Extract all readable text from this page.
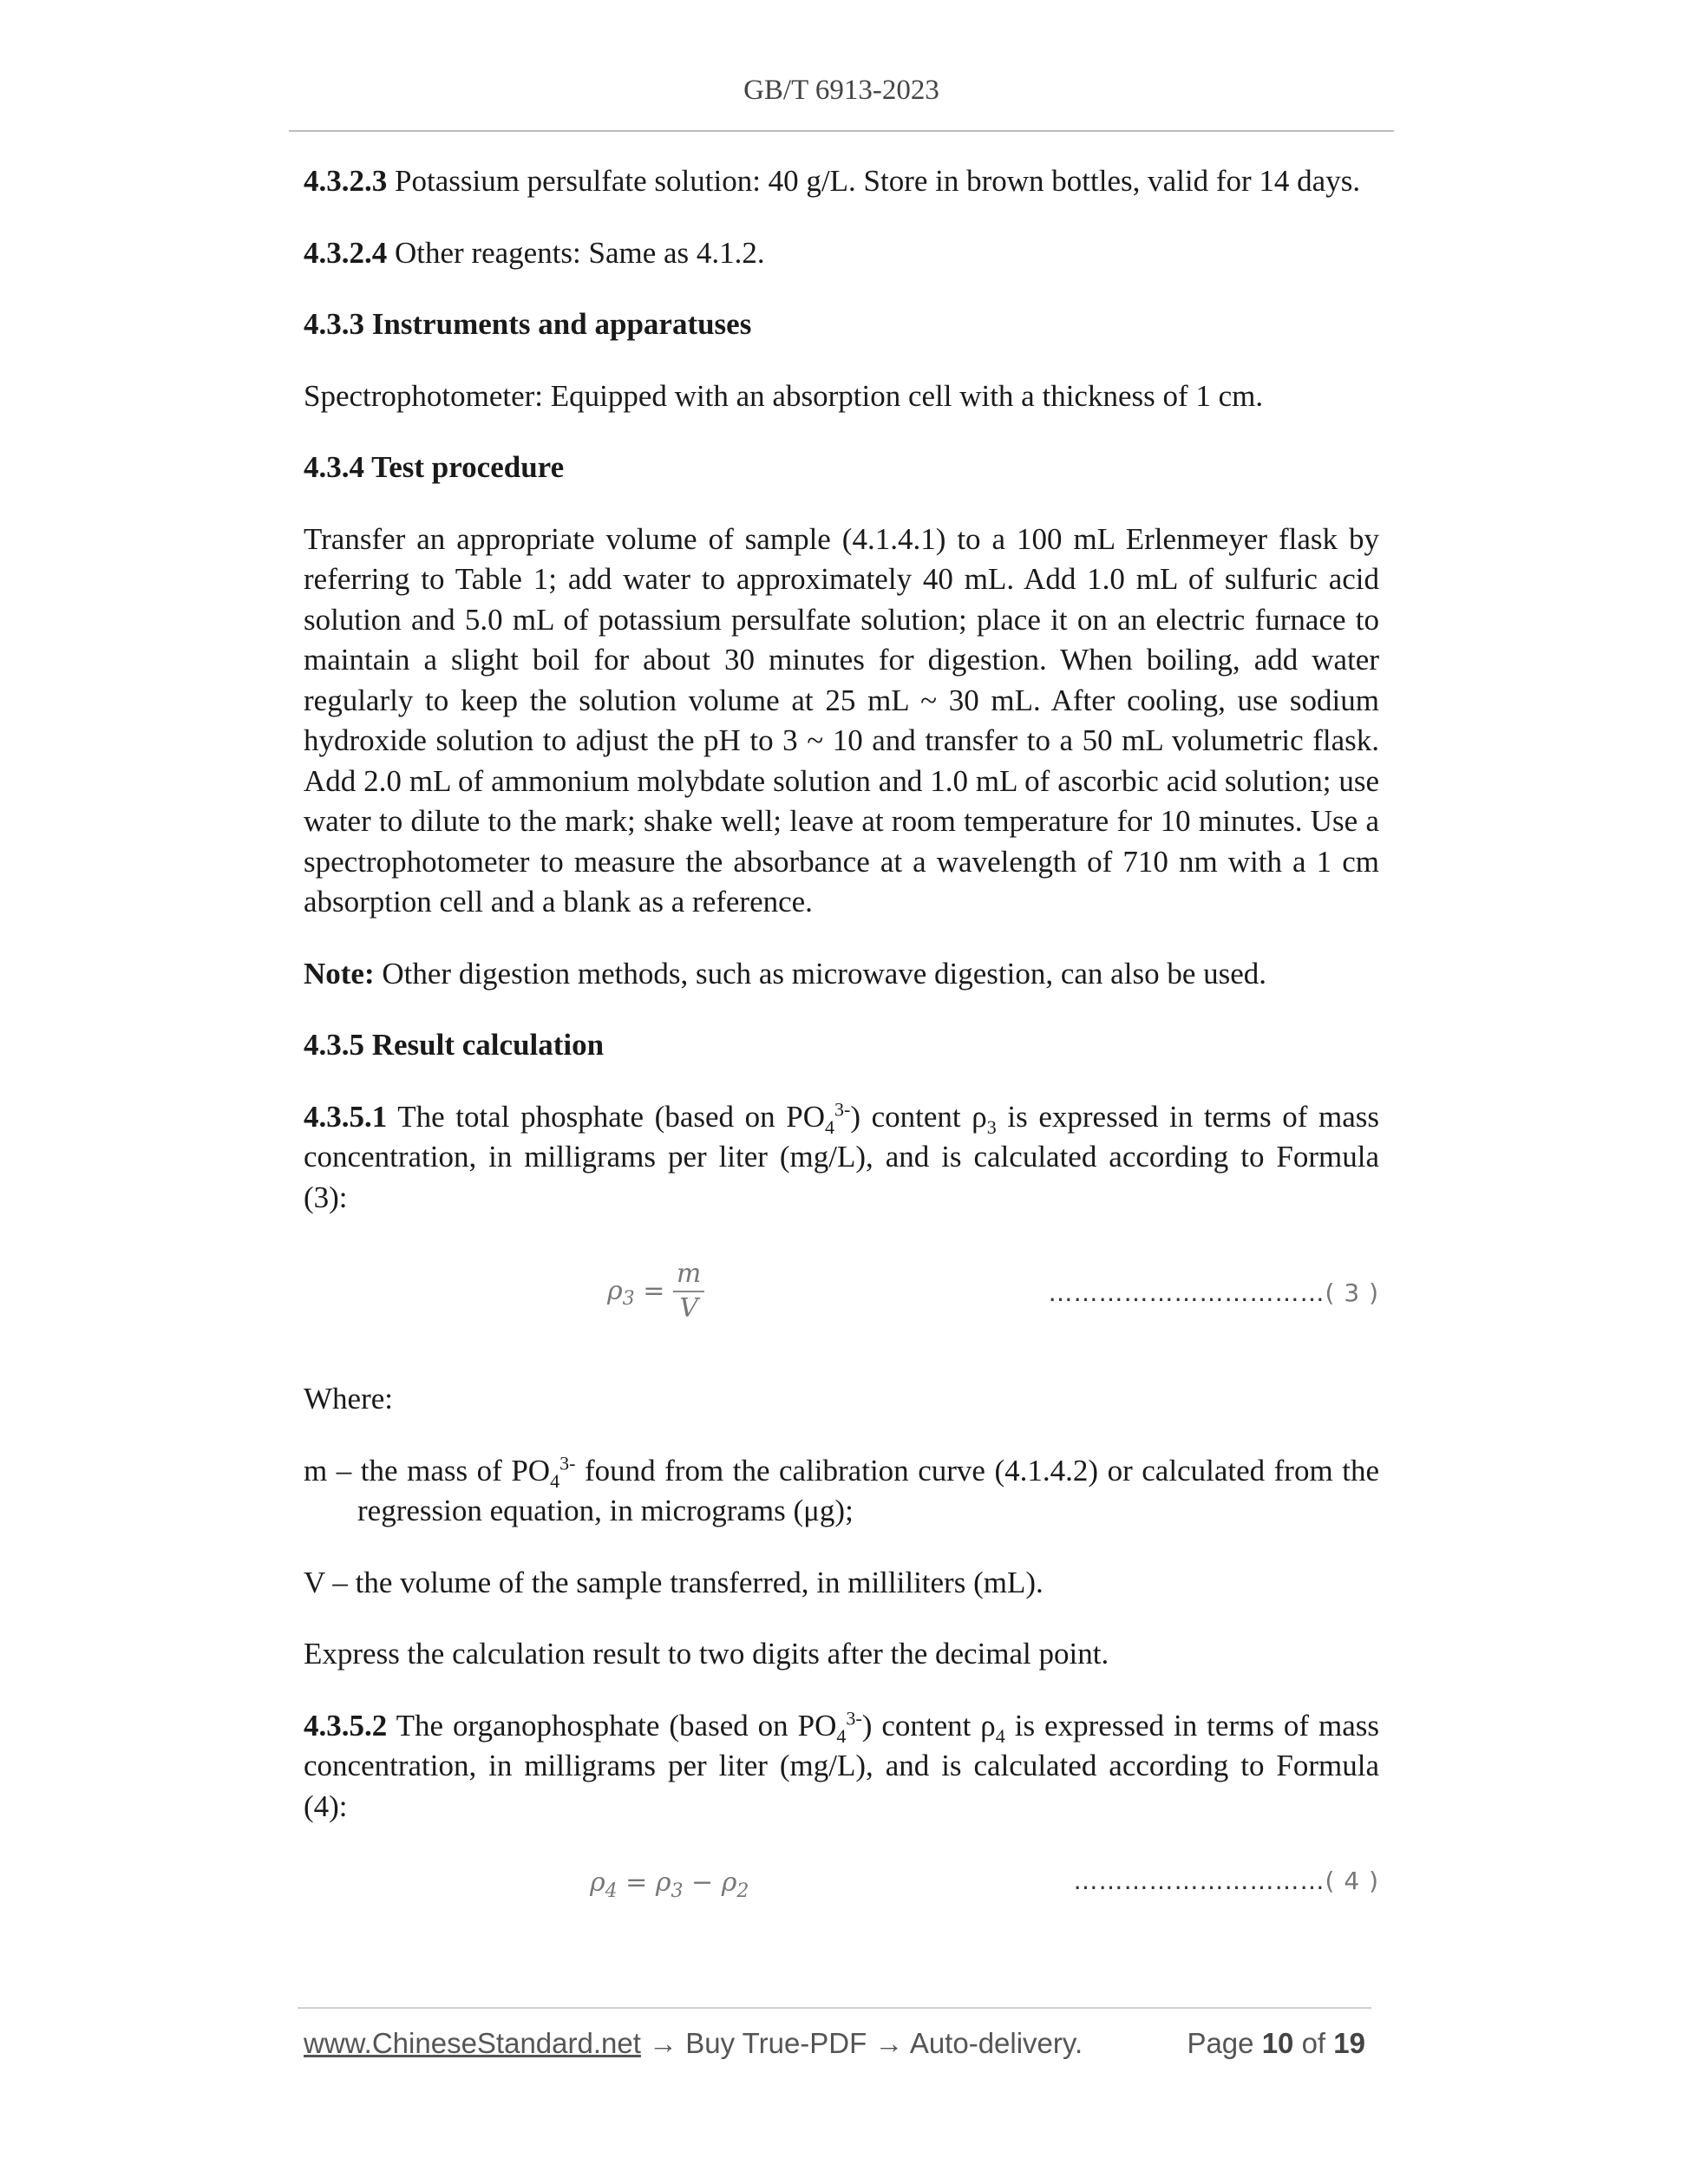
GB/T 6913-2023

4.3.2.3 Potassium persulfate solution: 40 g/L. Store in brown bottles, valid for 14 days.

4.3.2.4 Other reagents: Same as 4.1.2.

4.3.3 Instruments and apparatuses

Spectrophotometer: Equipped with an absorption cell with a thickness of 1 cm.

4.3.4 Test procedure

Transfer an appropriate volume of sample (4.1.4.1) to a 100 mL Erlenmeyer flask by referring to Table 1; add water to approximately 40 mL. Add 1.0 mL of sulfuric acid solution and 5.0 mL of potassium persulfate solution; place it on an electric furnace to maintain a slight boil for about 30 minutes for digestion. When boiling, add water regularly to keep the solution volume at 25 mL ~ 30 mL. After cooling, use sodium hydroxide solution to adjust the pH to 3 ~ 10 and transfer to a 50 mL volumetric flask. Add 2.0 mL of ammonium molybdate solution and 1.0 mL of ascorbic acid solution; use water to dilute to the mark; shake well; leave at room temperature for 10 minutes. Use a spectrophotometer to measure the absorbance at a wavelength of 710 nm with a 1 cm absorption cell and a blank as a reference.

Note: Other digestion methods, such as microwave digestion, can also be used.

4.3.5 Result calculation

4.3.5.1 The total phosphate (based on $PO_4^{3-}$) content $\rho_3$ is expressed in terms of mass concentration, in milligrams per liter (mg/L), and is calculated according to Formula (3):

$\rho_3 = \frac{m}{V}$	……………………………( 3 )

Where:

m – the mass of $PO_4^{3-}$ found from the calibration curve (4.1.4.2) or calculated from the regression equation, in micrograms (μg);

V – the volume of the sample transferred, in milliliters (mL).

Express the calculation result to two digits after the decimal point.

4.3.5.2 The organophosphate (based on $PO_4^{3-}$) content $\rho_4$ is expressed in terms of mass concentration, in milligrams per liter (mg/L), and is calculated according to Formula (4):

$\rho_4 = \rho_3 - \rho_2$	…………………………( 4 )
www.ChineseStandard.net → Buy True-PDF → Auto-delivery.	Page 10 of 19
